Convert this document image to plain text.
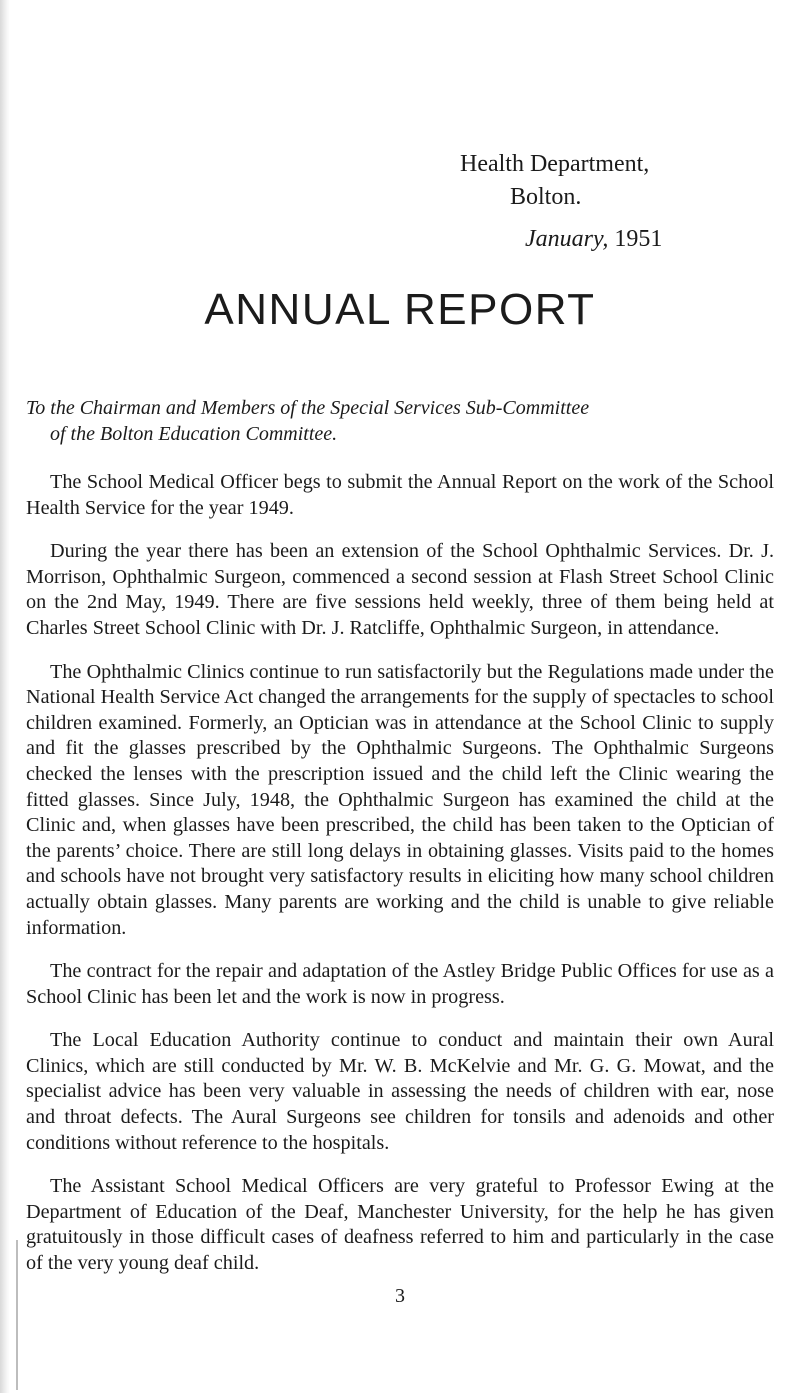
Health Department,
Bolton.
January, 1951
ANNUAL REPORT
To the Chairman and Members of the Special Services Sub-Committee
of the Bolton Education Committee.

The School Medical Officer begs to submit the Annual Report on the work of the School Health Service for the year 1949.

During the year there has been an extension of the School Ophthalmic Services. Dr. J. Morrison, Ophthalmic Surgeon, commenced a second session at Flash Street School Clinic on the 2nd May, 1949. There are five sessions held weekly, three of them being held at Charles Street School Clinic with Dr. J. Ratcliffe, Ophthalmic Surgeon, in attendance.

The Ophthalmic Clinics continue to run satisfactorily but the Regulations made under the National Health Service Act changed the arrangements for the supply of spectacles to school children examined. Formerly, an Optician was in attendance at the School Clinic to supply and fit the glasses prescribed by the Ophthalmic Surgeons. The Ophthalmic Surgeons checked the lenses with the prescription issued and the child left the Clinic wearing the fitted glasses. Since July, 1948, the Ophthalmic Surgeon has examined the child at the Clinic and, when glasses have been prescribed, the child has been taken to the Optician of the parents’ choice. There are still long delays in obtaining glasses. Visits paid to the homes and schools have not brought very satisfactory results in eliciting how many school children actually obtain glasses. Many parents are working and the child is unable to give reliable information.

The contract for the repair and adaptation of the Astley Bridge Public Offices for use as a School Clinic has been let and the work is now in progress.

The Local Education Authority continue to conduct and maintain their own Aural Clinics, which are still conducted by Mr. W. B. McKelvie and Mr. G. G. Mowat, and the specialist advice has been very valuable in assessing the needs of children with ear, nose and throat defects. The Aural Surgeons see children for tonsils and adenoids and other conditions without reference to the hospitals.

The Assistant School Medical Officers are very grateful to Professor Ewing at the Department of Education of the Deaf, Manchester University, for the help he has given gratuitously in those difficult cases of deafness referred to him and particularly in the case of the very young deaf child.

3
